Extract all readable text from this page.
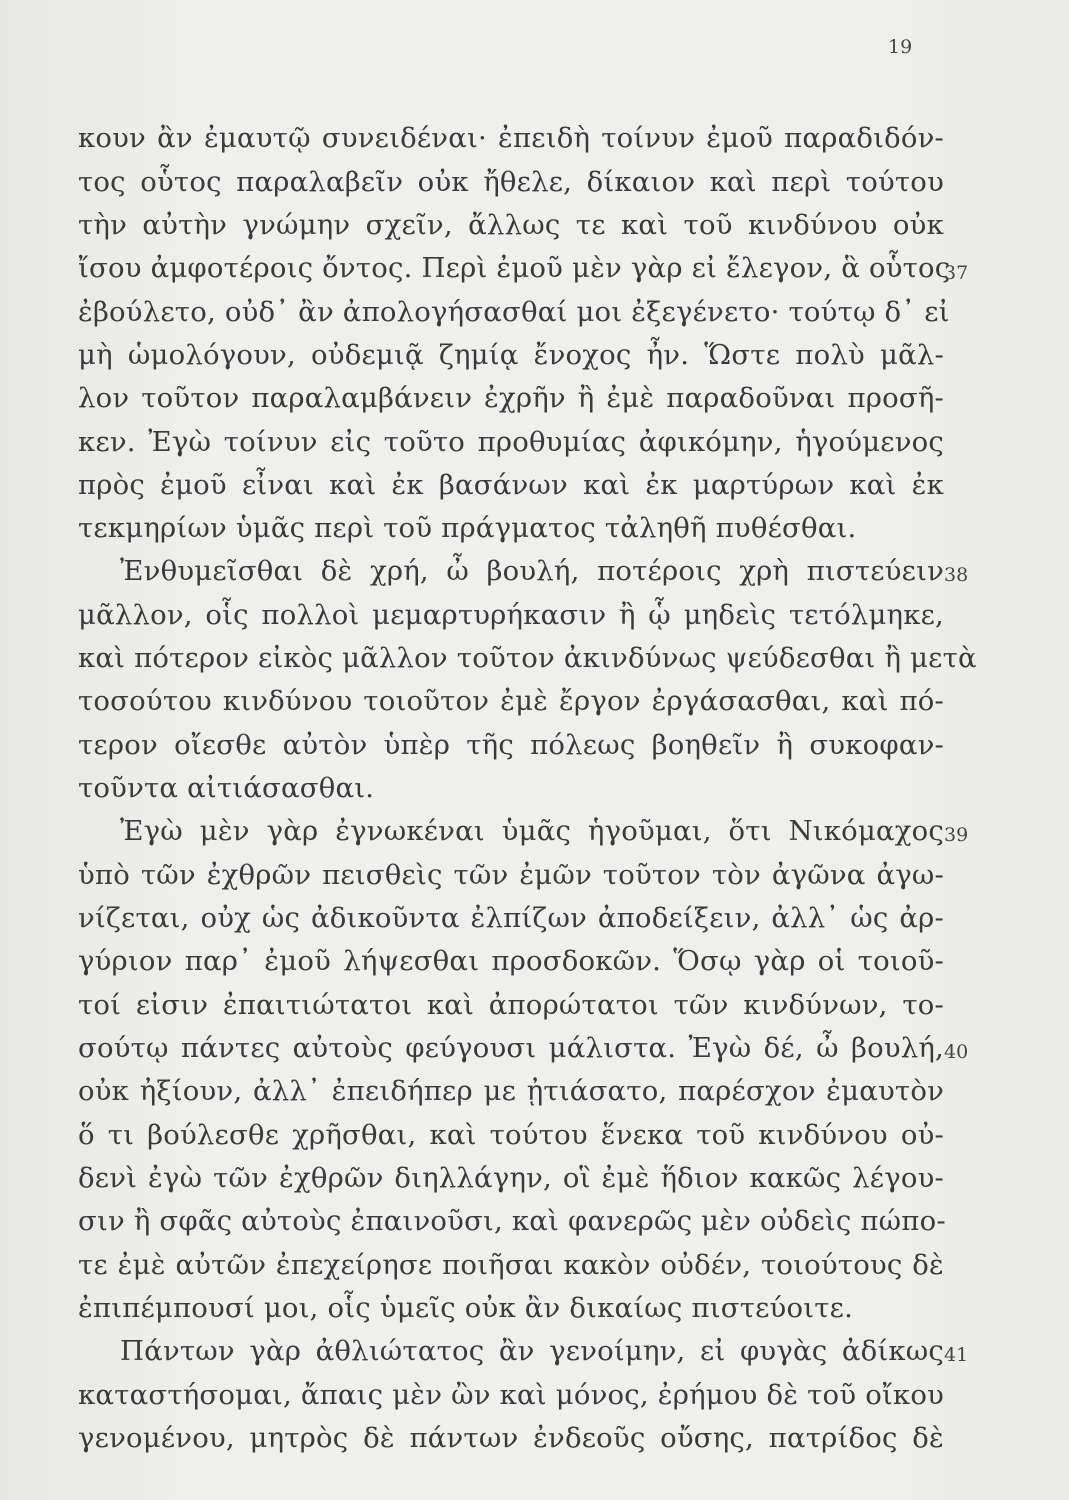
19
κουν ἂν ἐμαυτῷ συνειδέναι· ἐπειδὴ τοίνυν ἐμοῦ παραδιδόν-
τος οὗτος παραλαβεῖν οὐκ ἤθελε, δίκαιον καὶ περὶ τούτου
τὴν αὐτὴν γνώμην σχεῖν, ἄλλως τε καὶ τοῦ κινδύνου οὐκ
ἴσου ἀμφοτέροις ὄντος. Περὶ ἐμοῦ μὲν γὰρ εἰ ἔλεγον, ἃ οὗτος
ἐβούλετο, οὐδ᾽ ἂν ἀπολογήσασθαί μοι ἐξεγένετο· τούτῳ δ᾽ εἰ
μὴ ὡμολόγουν, οὐδεμιᾷ ζημίᾳ ἔνοχος ἦν. Ὥστε πολὺ μᾶλ-
λον τοῦτον παραλαμβάνειν ἐχρῆν ἢ ἐμὲ παραδοῦναι προσῆ-
κεν. Ἐγὼ τοίνυν εἰς τοῦτο προθυμίας ἀφικόμην, ἡγούμενος
πρὸς ἐμοῦ εἶναι καὶ ἐκ βασάνων καὶ ἐκ μαρτύρων καὶ ἐκ
τεκμηρίων ὑμᾶς περὶ τοῦ πράγματος τἀληθῆ πυθέσθαι.
Ἐνθυμεῖσθαι δὲ χρή, ὦ βουλή, ποτέροις χρὴ πιστεύειν
μᾶλλον, οἷς πολλοὶ μεμαρτυρήκασιν ἢ ᾧ μηδεὶς τετόλμηκε,
καὶ πότερον εἰκὸς μᾶλλον τοῦτον ἀκινδύνως ψεύδεσθαι ἢ μετὰ
τοσούτου κινδύνου τοιοῦτον ἐμὲ ἔργον ἐργάσασθαι, καὶ πό-
τερον οἴεσθε αὐτὸν ὑπὲρ τῆς πόλεως βοηθεῖν ἢ συκοφαν-
τοῦντα αἰτιάσασθαι.
Ἐγὼ μὲν γὰρ ἐγνωκέναι ὑμᾶς ἡγοῦμαι, ὅτι Νικόμαχος
ὑπὸ τῶν ἐχθρῶν πεισθεὶς τῶν ἐμῶν τοῦτον τὸν ἀγῶνα ἀγω-
νίζεται, οὐχ ὡς ἀδικοῦντα ἐλπίζων ἀποδείξειν, ἀλλ᾽ ὡς ἀρ-
γύριον παρ᾽ ἐμοῦ λήψεσθαι προσδοκῶν. Ὅσῳ γὰρ οἱ τοιοῦ-
τοί εἰσιν ἐπαιτιώτατοι καὶ ἀπορώτατοι τῶν κινδύνων, το-
σούτῳ πάντες αὐτοὺς φεύγουσι μάλιστα. Ἐγὼ δέ, ὦ βουλή,
οὐκ ἠξίουν, ἀλλ᾽ ἐπειδήπερ με ᾐτιάσατο, παρέσχον ἐμαυτὸν
ὅ τι βούλεσθε χρῆσθαι, καὶ τούτου ἕνεκα τοῦ κινδύνου οὐ-
δενὶ ἐγὼ τῶν ἐχθρῶν διηλλάγην, οἳ ἐμὲ ἥδιον κακῶς λέγου-
σιν ἢ σφᾶς αὐτοὺς ἐπαινοῦσι, καὶ φανερῶς μὲν οὐδεὶς πώπο-
τε ἐμὲ αὐτῶν ἐπεχείρησε ποιῆσαι κακὸν οὐδέν, τοιούτους δὲ
ἐπιπέμπουσί μοι, οἷς ὑμεῖς οὐκ ἂν δικαίως πιστεύοιτε.
Πάντων γὰρ ἀθλιώτατος ἂν γενοίμην, εἰ φυγὰς ἀδίκως
καταστήσομαι, ἄπαις μὲν ὢν καὶ μόνος, ἐρήμου δὲ τοῦ οἴκου
γενομένου, μητρὸς δὲ πάντων ἐνδεοῦς οὔσης, πατρίδος δὲ
37
38
39
40
41
